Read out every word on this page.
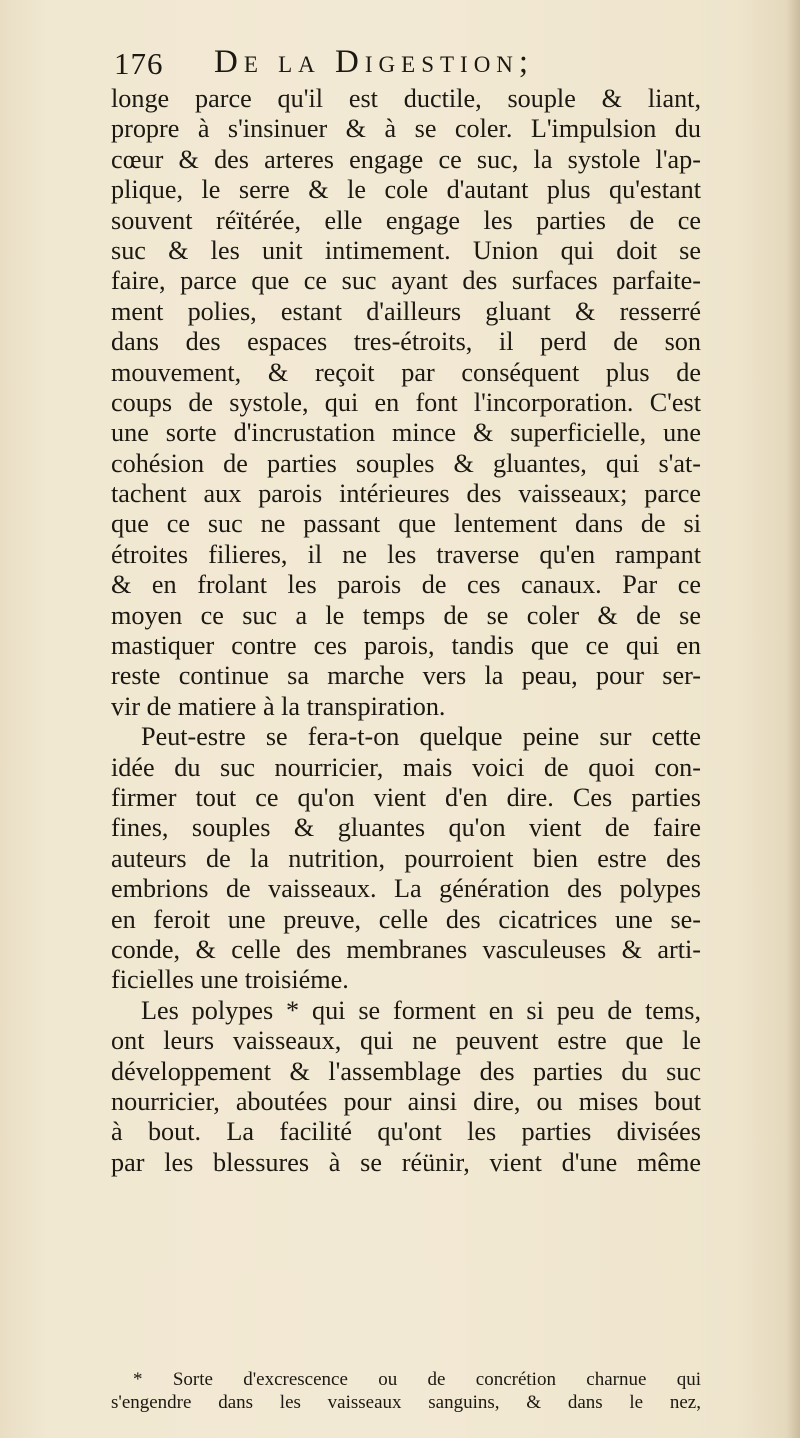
176 De la Digestion;
longe parce qu'il est ductile, souple & liant,
propre à s'insinuer & à se coler. L'impulsion du
cœur & des arteres engage ce suc, la systole l'ap-
plique, le serre & le cole d'autant plus qu'estant
souvent réïtérée, elle engage les parties de ce
suc & les unit intimement. Union qui doit se
faire, parce que ce suc ayant des surfaces parfaite-
ment polies, estant d'ailleurs gluant & resserré
dans des espaces tres-étroits, il perd de son
mouvement, & reçoit par conséquent plus de
coups de systole, qui en font l'incorporation. C'est
une sorte d'incrustation mince & superficielle, une
cohésion de parties souples & gluantes, qui s'at-
tachent aux parois intérieures des vaisseaux; parce
que ce suc ne passant que lentement dans de si
étroites filieres, il ne les traverse qu'en rampant
& en frolant les parois de ces canaux. Par ce
moyen ce suc a le temps de se coler & de se
mastiquer contre ces parois, tandis que ce qui en
reste continue sa marche vers la peau, pour ser-
vir de matiere à la transpiration.
Peut-estre se fera-t-on quelque peine sur cette
idée du suc nourricier, mais voici de quoi con-
firmer tout ce qu'on vient d'en dire. Ces parties
fines, souples & gluantes qu'on vient de faire
auteurs de la nutrition, pourroient bien estre des
embrions de vaisseaux. La génération des polypes
en feroit une preuve, celle des cicatrices une se-
conde, & celle des membranes vasculeuses & arti-
ficielles une troisiéme.
Les polypes * qui se forment en si peu de tems,
ont leurs vaisseaux, qui ne peuvent estre que le
développement & l'assemblage des parties du suc
nourricier, aboutées pour ainsi dire, ou mises bout
à bout. La facilité qu'ont les parties divisées
par les blessures à se réünir, vient d'une même
* Sorte d'excrescence ou de concrétion charnue qui
s'engendre dans les vaisseaux sanguins, & dans le nez,
